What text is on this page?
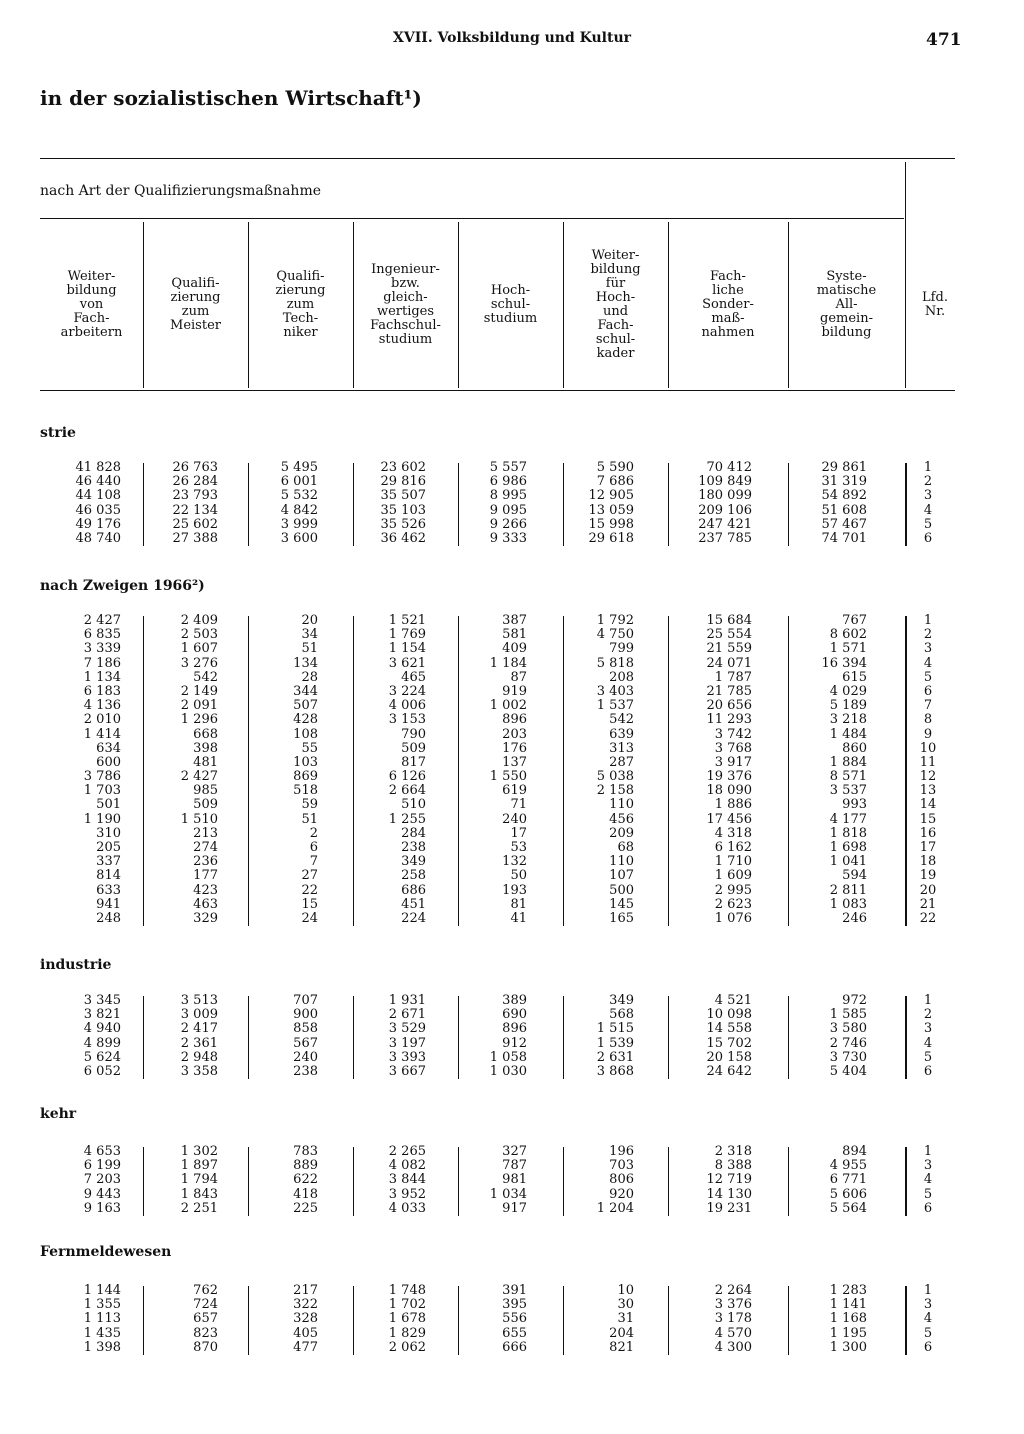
XVII. Volksbildung und Kultur	471
in der sozialistischen Wirtschaft¹)
nach Art der Qualifizierungsmaßnahme
Weiter-
bildung
von
Fach-
arbeitern
Qualifi-
zierung
zum
Meister
Qualifi-
zierung
zum
Tech-
niker
Ingenieur-
bzw.
gleich-
wertiges
Fachschul-
studium
Hoch-
schul-
studium
Weiter-
bildung
für
Hoch-
und
Fach-
schul-
kader
Fach-
liche
Sonder-
maß-
nahmen
Syste-
matische
All-
gemein-
bildung
Lfd.
Nr.
strie
41 828
46 440
44 108
46 035
49 176
48 740
26 763
26 284
23 793
22 134
25 602
27 388
5 495
6 001
5 532
4 842
3 999
3 600
23 602
29 816
35 507
35 103
35 526
36 462
5 557
6 986
8 995
9 095
9 266
9 333
5 590
7 686
12 905
13 059
15 998
29 618
70 412
109 849
180 099
209 106
247 421
237 785
29 861
31 319
54 892
51 608
57 467
74 701
1
2
3
4
5
6
nach Zweigen 1966²)
2 427
6 835
3 339
7 186
1 134
6 183
4 136
2 010
1 414
634
600
3 786
1 703
501
1 190
310
205
337
814
633
941
248
2 409
2 503
1 607
3 276
542
2 149
2 091
1 296
668
398
481
2 427
985
509
1 510
213
274
236
177
423
463
329
20
34
51
134
28
344
507
428
108
55
103
869
518
59
51
2
6
7
27
22
15
24
1 521
1 769
1 154
3 621
465
3 224
4 006
3 153
790
509
817
6 126
2 664
510
1 255
284
238
349
258
686
451
224
387
581
409
1 184
87
919
1 002
896
203
176
137
1 550
619
71
240
17
53
132
50
193
81
41
1 792
4 750
799
5 818
208
3 403
1 537
542
639
313
287
5 038
2 158
110
456
209
68
110
107
500
145
165
15 684
25 554
21 559
24 071
1 787
21 785
20 656
11 293
3 742
3 768
3 917
19 376
18 090
1 886
17 456
4 318
6 162
1 710
1 609
2 995
2 623
1 076
767
8 602
1 571
16 394
615
4 029
5 189
3 218
1 484
860
1 884
8 571
3 537
993
4 177
1 818
1 698
1 041
594
2 811
1 083
246
1
2
3
4
5
6
7
8
9
10
11
12
13
14
15
16
17
18
19
20
21
22
industrie
3 345
3 821
4 940
4 899
5 624
6 052
3 513
3 009
2 417
2 361
2 948
3 358
707
900
858
567
240
238
1 931
2 671
3 529
3 197
3 393
3 667
389
690
896
912
1 058
1 030
349
568
1 515
1 539
2 631
3 868
4 521
10 098
14 558
15 702
20 158
24 642
972
1 585
3 580
2 746
3 730
5 404
1
2
3
4
5
6
kehr
4 653
6 199
7 203
9 443
9 163
1 302
1 897
1 794
1 843
2 251
783
889
622
418
225
2 265
4 082
3 844
3 952
4 033
327
787
981
1 034
917
196
703
806
920
1 204
2 318
8 388
12 719
14 130
19 231
894
4 955
6 771
5 606
5 564
1
3
4
5
6
Fernmeldewesen
1 144
1 355
1 113
1 435
1 398
762
724
657
823
870
217
322
328
405
477
1 748
1 702
1 678
1 829
2 062
391
395
556
655
666
10
30
31
204
821
2 264
3 376
3 178
4 570
4 300
1 283
1 141
1 168
1 195
1 300
1
3
4
5
6
